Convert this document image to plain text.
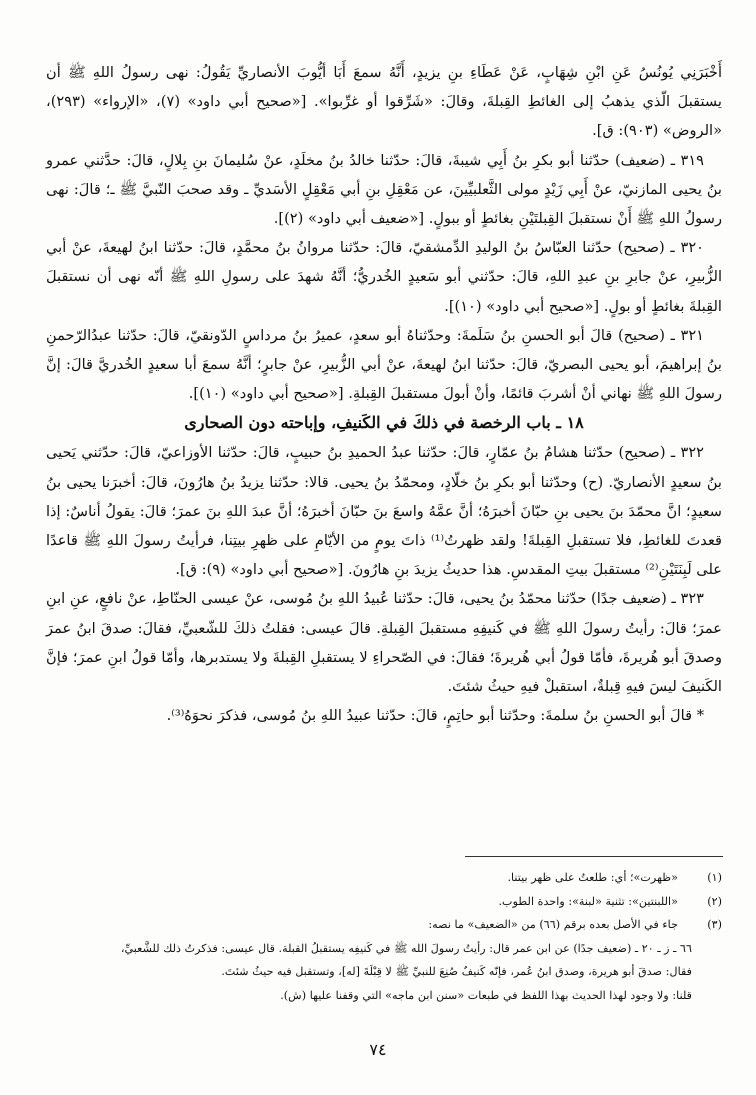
أَخْبَرَنِي يُونُسُ عَنِ ابْنِ شِهَابٍ، عَنْ عَطَاءِ بنِ يزيدٍ، أَنَّهُ سمعَ أَبَا أيُّوبَ الأنصاريِّ يَقُولُ: نهى رسولُ اللهِ ﷺ أن يستقبلَ الّذي يذهبُ إلى الغائطِ القِبلةَ، وقالَ: «شَرِّقوا أو غرِّبوا». [«صحيح أبي داود» (٧)، «الإرواء» (٢٩٣)، «الروض» (٩٠٣): ق].

٣١٩ ـ (ضعيف) حدّثنا أبو بكرِ بنُ أَبِي شيبةَ، قالَ: حدّثنا خالدُ بنُ مخلَدٍ، عنْ سُليمانَ بنِ بِلالٍ، قالَ: حدَّثني عمرو بنُ يحيى المازنيّ، عنْ أَبِي زَيْدٍ مولى الثَّعلبيِّينَ، عن مَعْقِلِ بنِ أبي مَعْقِلٍ الأسَديِّ ـ وقد صحبَ النّبيَّ ﷺ ـ؛ قالَ: نهى رسولُ اللهِ ﷺ أَنْ نستقبلَ القِبلتَيْنِ بغائطٍ أو ببولٍ. [«ضعيف أبي داود» (٢)].

٣٢٠ ـ (صحيح) حدّثنا العبّاسُ بنُ الوليدِ الدِّمشقيّ، قالَ: حدّثنا مروانُ بنُ محمَّدٍ، قالَ: حدّثنا ابنُ لهيعةَ، عنْ أبي الزُّبيرِ، عنْ جابرِ بنِ عبدِ اللهِ، قالَ: حدّثني أبو سَعيدٍ الخُدريُّ؛ أنَّهُ شهدَ على رسولِ اللهِ ﷺ أنّه نهى أن نستقبلَ القِبلةَ بغائطٍ أو بولٍ. [«صحيح أبي داود» (١٠)].

٣٢١ ـ (صحيح) قالَ أبو الحسنِ بنُ سَلَمةَ: وحدّثناهُ أبو سعدٍ، عميرُ بنُ مرداسٍ الدّونقيّ، قالَ: حدّثنا عبدُالرّحمنِ بنُ إبراهيمَ، أبو يحيى البصريّ، قالَ: حدّثنا ابنُ لهيعةَ، عنْ أبي الزُّبيرِ، عنْ جابرٍ؛ أنَّهُ سمعَ أبا سعيدٍ الخُدريَّ قالَ: إنَّ رسولَ اللهِ ﷺ نهاني أنْ أشربَ قائمًا، وأنْ أبولَ مستقبلَ القِبلةِ. [«صحيح أبي داود» (١٠)].

١٨ ـ باب الرخصة في ذلكَ في الكَنيفِ، وإباحته دون الصحارى

٣٢٢ ـ (صحيح) حدّثنا هشامُ بنُ عمّارٍ، قالَ: حدّثنا عبدُ الحميدِ بنُ حبيبٍ، قالَ: حدّثنا الأوزاعيّ، قالَ: حدّثني يَحيى بنُ سعيدٍ الأنصاريّ. (ح) وحدّثنا أبو بكرِ بنُ خلّادٍ، ومحمّدُ بنُ يحيى. قالا: حدّثنا يزيدُ بنُ هارُونَ، قالَ: أخبرَنا يحيى بنُ سعيدٍ؛ انَّ محمّدَ بنَ يحيى بنِ حبّانَ أخبرَهُ؛ أنَّ عمَّهُ واسعَ بنَ حبّانَ أخبرَهُ؛ أنَّ عبدَ اللهِ بنَ عمرَ؛ قالَ: يقولُ أناسٌ: إذا قعدتَ للغائطِ، فلا تستقبلِ القِبلةَ! ولقد ظهرتُ⁽¹⁾ ذاتَ يومٍ من الأيّامِ على ظهرِ بيتِنا، فرأيتُ رسولَ اللهِ ﷺ قاعدًا على لَبِنَتَيْنِ⁽²⁾ مستقبلَ بيتِ المقدسِ. هذا حديثُ يزيدَ بنِ هارُونَ. [«صحيح أبي داود» (٩): ق].

٣٢٣ ـ (ضعيف جدًا) حدّثنا محمّدُ بنُ يحيى، قالَ: حدّثنا عُبيدُ اللهِ بنُ مُوسى، عنْ عيسى الحنّاطِ، عنْ نافعٍ، عنِ ابنِ عمرَ؛ قالَ: رأيتُ رسولَ اللهِ ﷺ في كَنيفِهِ مستقبلَ القِبلةِ. قالَ عيسى: فقلتُ ذلكَ للشّعبيِّ، فقالَ: صدقَ ابنُ عمرَ وصدقَ أبو هُريرةَ، فأمّا قولُ أبي هُريرةَ؛ فقالَ: في الصّحراءِ لا يستقبلِ القِبلةَ ولا يستدبرها، وأمّا قولُ ابنِ عمرَ؛ فإنَّ الكَنيفَ ليسَ فيهِ قِبلةٌ، استقبلْ فيهِ حيثُ شئتَ.

* قالَ أبو الحسنِ بنُ سلمةَ: وحدّثنا أبو حاتِمٍ، قالَ: حدّثنا عبيدُ اللهِ بنُ مُوسى، فذكرَ نحوَهُ⁽³⁾.

(١)
«ظهرت»؛ أي: طلعتُ على ظهر بيتنا.
(٢)
«اللبنتين»: تثنية «لبنة»: واحدة الطوب.
(٣)
جاء في الأصل بعده برقم (٦٦) من «الضعيف» ما نصه:
٦٦ ـ ز ـ ٢٠ ـ (ضعيف جدًا) عن ابن عمر قال: رأيتُ رسولَ الله ﷺ في كَنيفِه يستقبلُ القبلة. قال عيسى: فذكرتُ ذلك للشَّعبيِّ،
فقال: صدقَ أبو هريرة، وصدق ابنُ عُمر، فإنّه كَنيفٌ صُنِعَ للنبيِّ ﷺ لا قِبْلَةَ [له]، وتستقبل فيه حيثُ شئتَ.
قلنا: ولا وجود لهذا الحديث بهذا اللفظ في طبعات «سنن ابن ماجه» التي وقفنا عليها (ش).
٧٤
